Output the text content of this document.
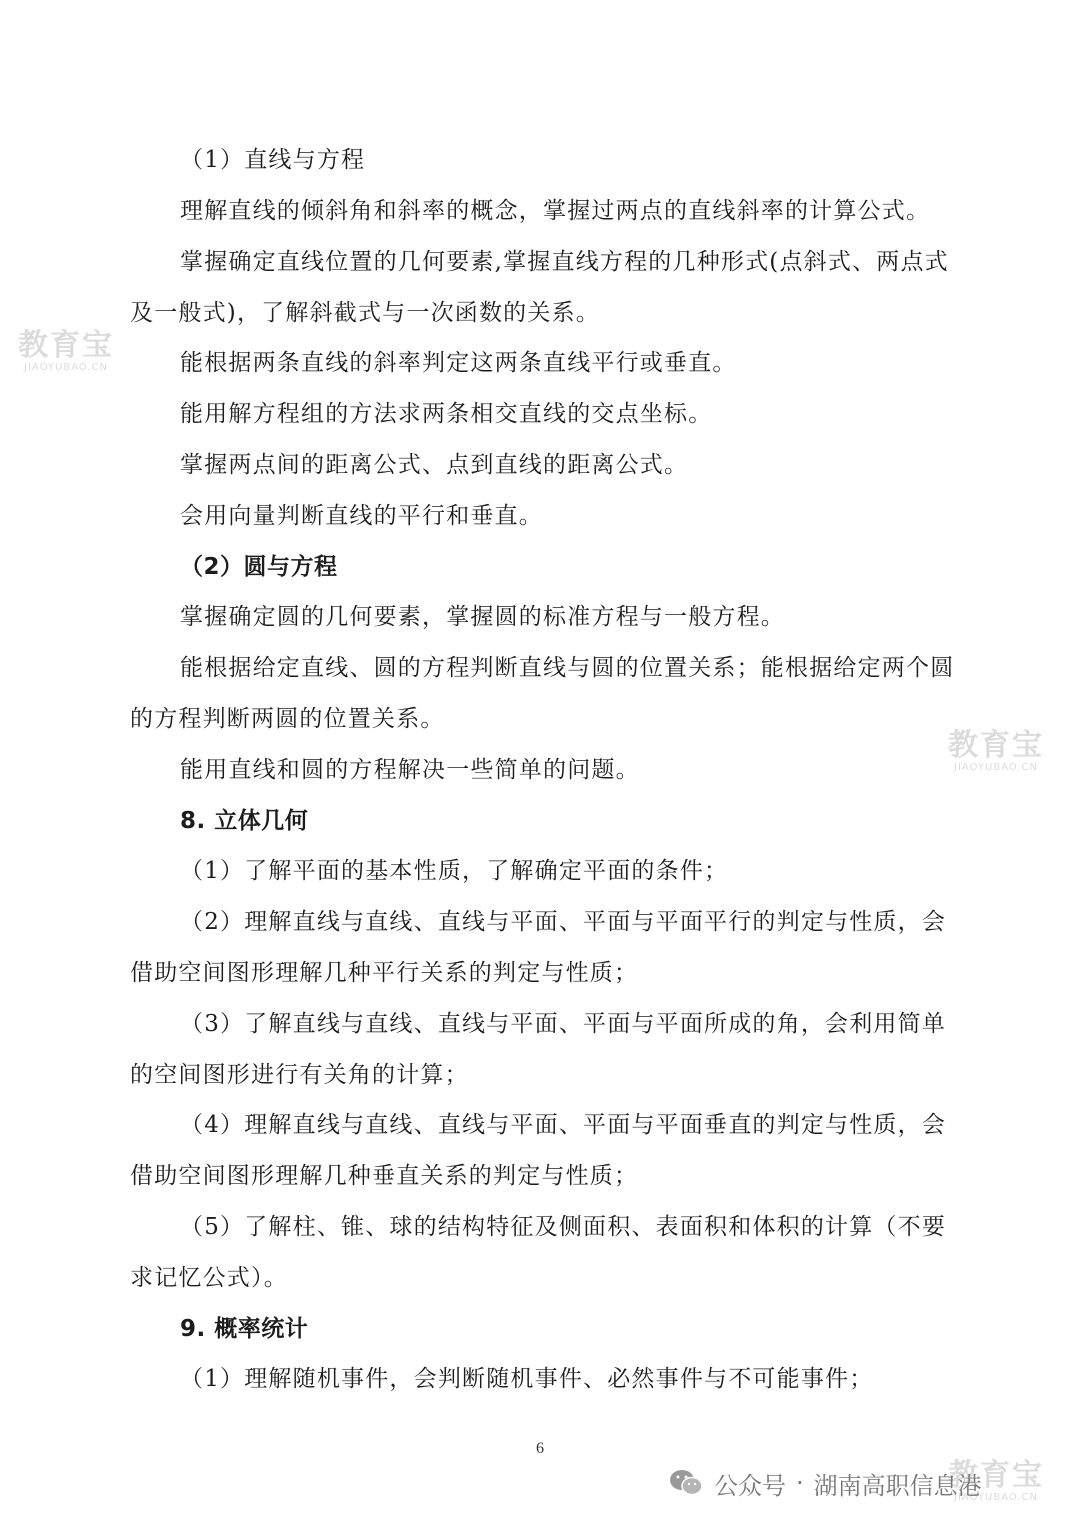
（1）直线与方程
理解直线的倾斜角和斜率的概念，掌握过两点的直线斜率的计算公式。
掌握确定直线位置的几何要素,掌握直线方程的几种形式(点斜式、两点式
及一般式)，了解斜截式与一次函数的关系。
能根据两条直线的斜率判定这两条直线平行或垂直。
能用解方程组的方法求两条相交直线的交点坐标。
掌握两点间的距离公式、点到直线的距离公式。
会用向量判断直线的平行和垂直。
（2）圆与方程
掌握确定圆的几何要素，掌握圆的标准方程与一般方程。
能根据给定直线、圆的方程判断直线与圆的位置关系；能根据给定两个圆
的方程判断两圆的位置关系。
能用直线和圆的方程解决一些简单的问题。
8. 立体几何
（1）了解平面的基本性质，了解确定平面的条件；
（2）理解直线与直线、直线与平面、平面与平面平行的判定与性质，会
借助空间图形理解几种平行关系的判定与性质；
（3）了解直线与直线、直线与平面、平面与平面所成的角，会利用简单
的空间图形进行有关角的计算；
（4）理解直线与直线、直线与平面、平面与平面垂直的判定与性质，会
借助空间图形理解几种垂直关系的判定与性质；
（5）了解柱、锥、球的结构特征及侧面积、表面积和体积的计算（不要
求记忆公式）。
9. 概率统计
（1）理解随机事件，会判断随机事件、必然事件与不可能事件；
6
教育宝
JIAOYUBAO.CN
教育宝
JIAOYUBAO.CN
教育宝
JIAOYUBAO.CN
公众号 · 湖南高职信息港
